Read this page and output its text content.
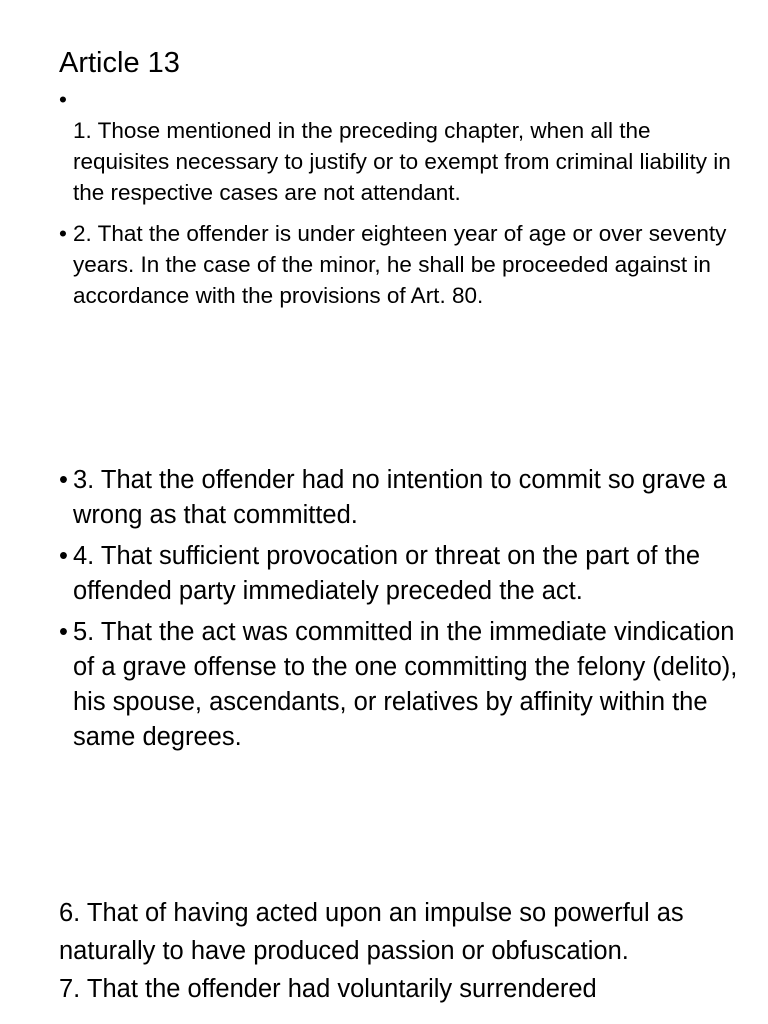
Article 13
•
1. Those mentioned in the preceding chapter, when all the requisites necessary to justify or to exempt from criminal liability in the respective cases are not attendant.
• 2. That the offender is under eighteen year of age or over seventy years. In the case of the minor, he shall be proceeded against in accordance with the provisions of Art. 80.
• 3. That the offender had no intention to commit so grave a wrong as that committed.
• 4. That sufficient provocation or threat on the part of the offended party immediately preceded the act.
• 5. That the act was committed in the immediate vindication of a grave offense to the one committing the felony (delito), his spouse, ascendants, or relatives by affinity within the same degrees.
6. That of having acted upon an impulse so powerful as naturally to have produced passion or obfuscation.
7. That the offender had voluntarily surrendered
